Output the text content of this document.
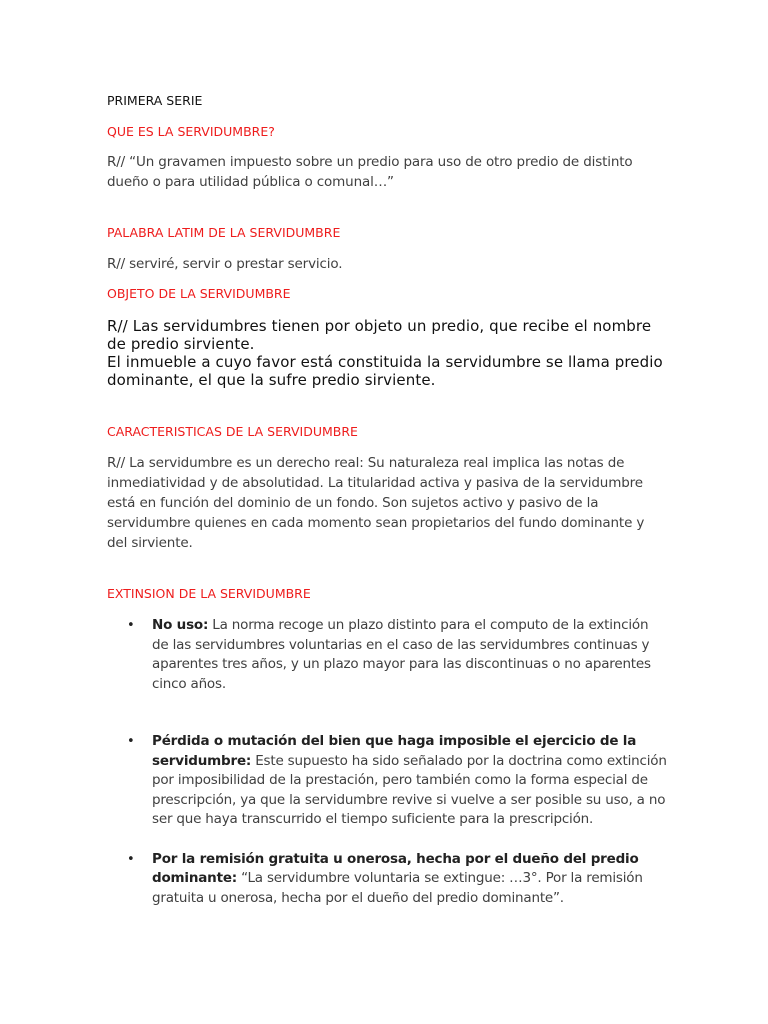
PRIMERA SERIE

QUE ES LA SERVIDUMBRE?

R// “Un gravamen impuesto sobre un predio para uso de otro predio de distinto dueño o para utilidad pública o comunal…”

PALABRA LATIM DE LA SERVIDUMBRE

R// serviré, servir o prestar servicio.

OBJETO DE LA SERVIDUMBRE

R// Las servidumbres tienen por objeto un predio, que recibe el nombre de predio sirviente.

El inmueble a cuyo favor está constituida la servidumbre se llama predio dominante, el que la sufre predio sirviente.

CARACTERISTICAS DE LA SERVIDUMBRE

R// La servidumbre es un derecho real: Su naturaleza real implica las notas de inmediatividad y de absolutidad. La titularidad activa y pasiva de la servidumbre está en función del dominio de un fondo. Son sujetos activo y pasivo de la servidumbre quienes en cada momento sean propietarios del fundo dominante y del sirviente.

EXTINSION DE LA SERVIDUMBRE

• No uso: La norma recoge un plazo distinto para el computo de la extinción de las servidumbres voluntarias en el caso de las servidumbres continuas y aparentes tres años, y un plazo mayor para las discontinuas o no aparentes cinco años.
• Pérdida o mutación del bien que haga imposible el ejercicio de la servidumbre: Este supuesto ha sido señalado por la doctrina como extinción por imposibilidad de la prestación, pero también como la forma especial de prescripción, ya que la servidumbre revive si vuelve a ser posible su uso, a no ser que haya transcurrido el tiempo suficiente para la prescripción.
• Por la remisión gratuita u onerosa, hecha por el dueño del predio dominante: “La servidumbre voluntaria se extingue: …3°. Por la remisión gratuita u onerosa, hecha por el dueño del predio dominante”.
